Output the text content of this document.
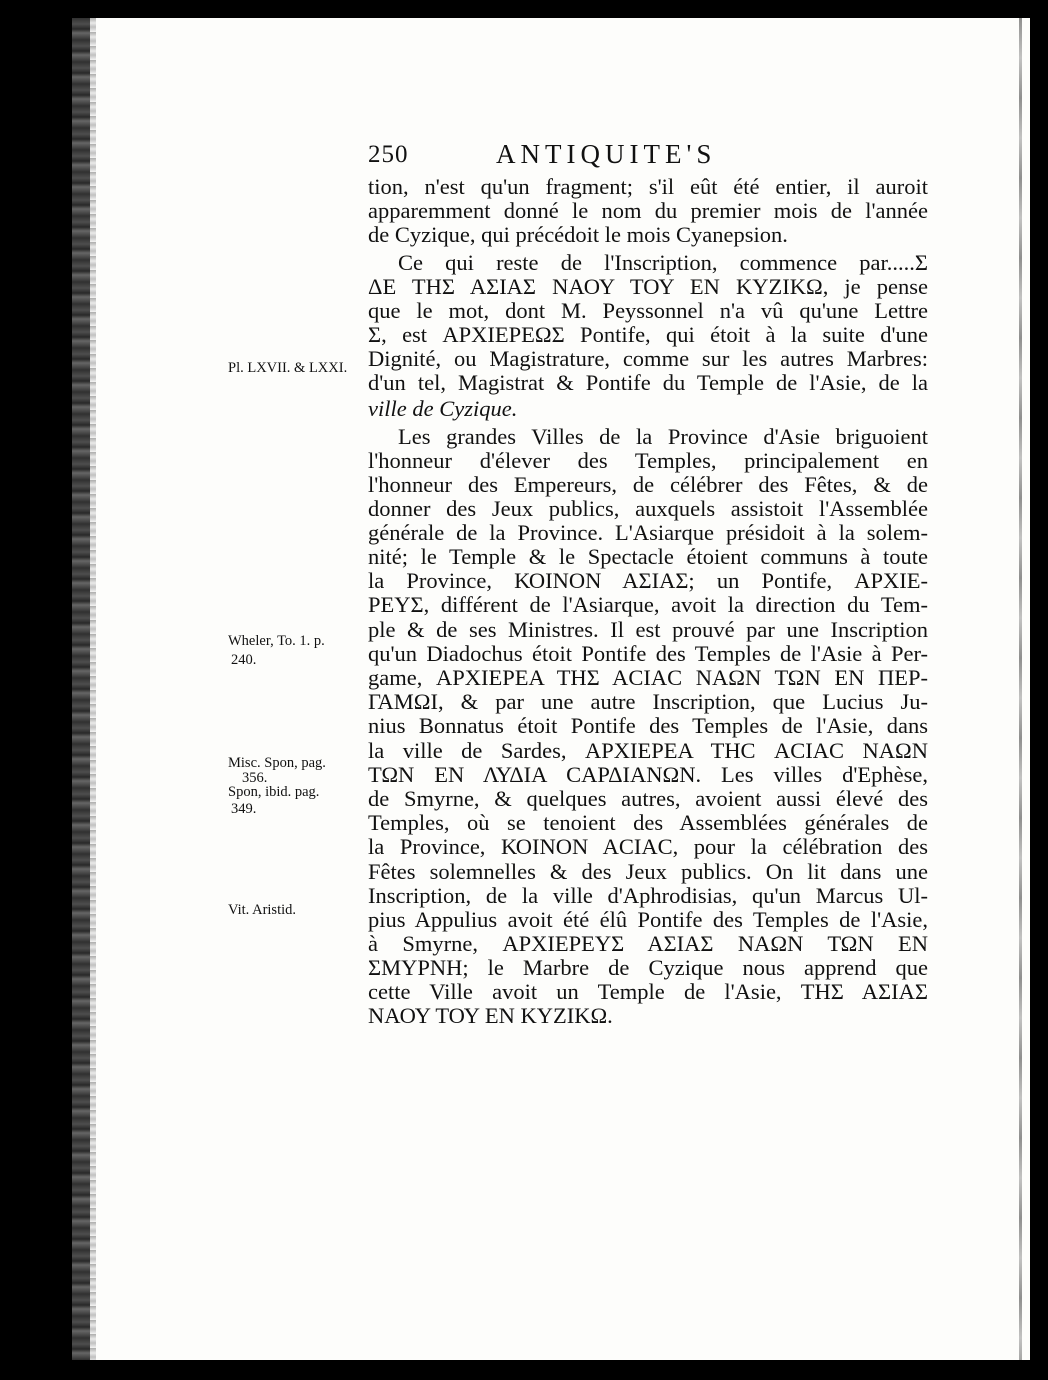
250	ANTIQUITE'S
tion, n'est qu'un fragment; s'il eût été entier, il auroit
apparemment donné le nom du premier mois de l'année
de Cyzique, qui précédoit le mois Cyanepsion.
Ce qui reste de l'Inscription, commence par.....Σ
ΔΕ ΤΗΣ ΑΣΙΑΣ ΝΑΟΥ ΤΟΥ ΕΝ ΚΥΖΙΚΩ, je pense
que le mot, dont M. Peyssonnel n'a vû qu'une Lettre
Σ, est ΑΡΧΙΕΡΕΩΣ Pontife, qui étoit à la suite d'une
Dignité, ou Magistrature, comme sur les autres Marbres:
d'un tel, Magistrat & Pontife du Temple de l'Asie, de la
ville de Cyzique.
Les grandes Villes de la Province d'Asie briguoient
l'honneur d'élever des Temples, principalement en
l'honneur des Empereurs, de célébrer des Fêtes, & de
donner des Jeux publics, auxquels assistoit l'Assemblée
générale de la Province. L'Asiarque présidoit à la solem-
nité; le Temple & le Spectacle étoient communs à toute
la Province, ΚΟΙΝΟΝ ΑΣΙΑΣ; un Pontife, ΑΡΧΙΕ-
ΡΕΥΣ, différent de l'Asiarque, avoit la direction du Tem-
ple & de ses Ministres. Il est prouvé par une Inscription
qu'un Diadochus étoit Pontife des Temples de l'Asie à Per-
game, ΑΡΧΙΕΡΕΑ ΤΗΣ ΑCΙΑC ΝΑΩΝ ΤΩΝ ΕΝ ΠΕΡ-
ΓΑΜΩΙ, & par une autre Inscription, que Lucius Ju-
nius Bonnatus étoit Pontife des Temples de l'Asie, dans
la ville de Sardes, ΑΡΧΙΕΡΕΑ ΤΗC ΑCΙΑC ΝΑΩΝ
ΤΩΝ ΕΝ ΛΥΔΙΑ CΑΡΔΙΑΝΩΝ. Les villes d'Ephèse,
de Smyrne, & quelques autres, avoient aussi élevé des
Temples, où se tenoient des Assemblées générales de
la Province, ΚΟΙΝΟΝ ΑCΙΑC, pour la célébration des
Fêtes solemnelles & des Jeux publics. On lit dans une
Inscription, de la ville d'Aphrodisias, qu'un Marcus Ul-
pius Appulius avoit été élû Pontife des Temples de l'Asie,
à Smyrne, ΑΡΧΙΕΡΕΥΣ ΑΣΙΑΣ ΝΑΩΝ ΤΩΝ ΕΝ
ΣΜΥΡΝΗ; le Marbre de Cyzique nous apprend que
cette Ville avoit un Temple de l'Asie, ΤΗΣ ΑΣΙΑΣ
ΝΑΟΥ ΤΟΥ ΕΝ ΚΥΖΙΚΩ.
Pl. LXVII. & LXXI.
Wheler, To. 1. p.
240.
Misc. Spon, pag.
356.
Spon, ibid. pag.
349.
Vit. Aristid.
